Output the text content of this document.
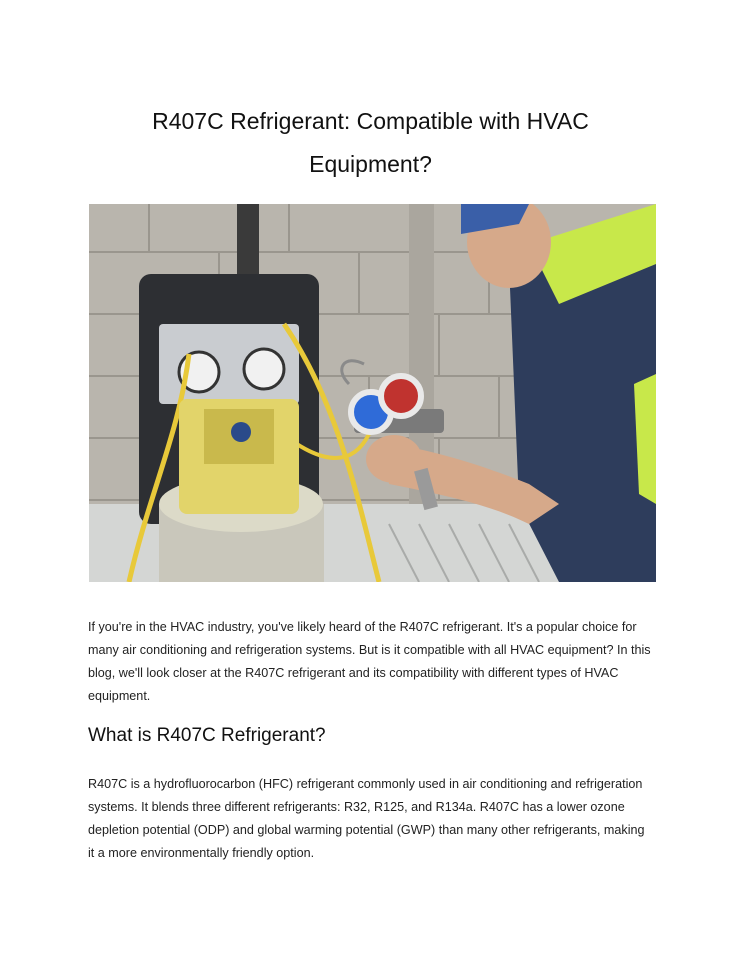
R407C Refrigerant: Compatible with HVAC
Equipment?

If you're in the HVAC industry, you've likely heard of the R407C refrigerant. It's a popular choice for many air conditioning and refrigeration systems. But is it compatible with all HVAC equipment? In this blog, we'll look closer at the R407C refrigerant and its compatibility with different types of HVAC equipment.

What is R407C Refrigerant?

R407C is a hydrofluorocarbon (HFC) refrigerant commonly used in air conditioning and refrigeration systems. It blends three different refrigerants: R32, R125, and R134a. R407C has a lower ozone depletion potential (ODP) and global warming potential (GWP) than many other refrigerants, making it a more environmentally friendly option.
